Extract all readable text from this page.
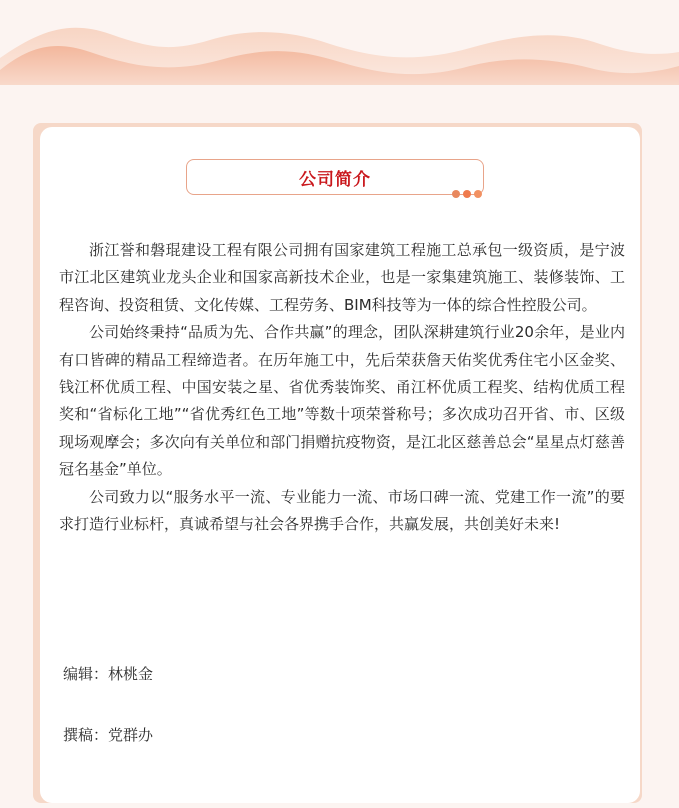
公司简介

浙江誉和磐琨建设工程有限公司拥有国家建筑工程施工总承包一级资质，是宁波市江北区建筑业龙头企业和国家高新技术企业，也是一家集建筑施工、装修装饰、工程咨询、投资租赁、文化传媒、工程劳务、BIM科技等为一体的综合性控股公司。

公司始终秉持“品质为先、合作共赢”的理念，团队深耕建筑行业20余年，是业内有口皆碑的精品工程缔造者。在历年施工中，先后荣获詹天佑奖优秀住宅小区金奖、钱江杯优质工程、中国安装之星、省优秀装饰奖、甬江杯优质工程奖、结构优质工程奖和“省标化工地”“省优秀红色工地”等数十项荣誉称号；多次成功召开省、市、区级现场观摩会；多次向有关单位和部门捐赠抗疫物资，是江北区慈善总会“星星点灯慈善冠名基金”单位。

公司致力以“服务水平一流、专业能力一流、市场口碑一流、党建工作一流”的要求打造行业标杆，真诚希望与社会各界携手合作，共赢发展，共创美好未来!

编辑：林桃金
撰稿：党群办
